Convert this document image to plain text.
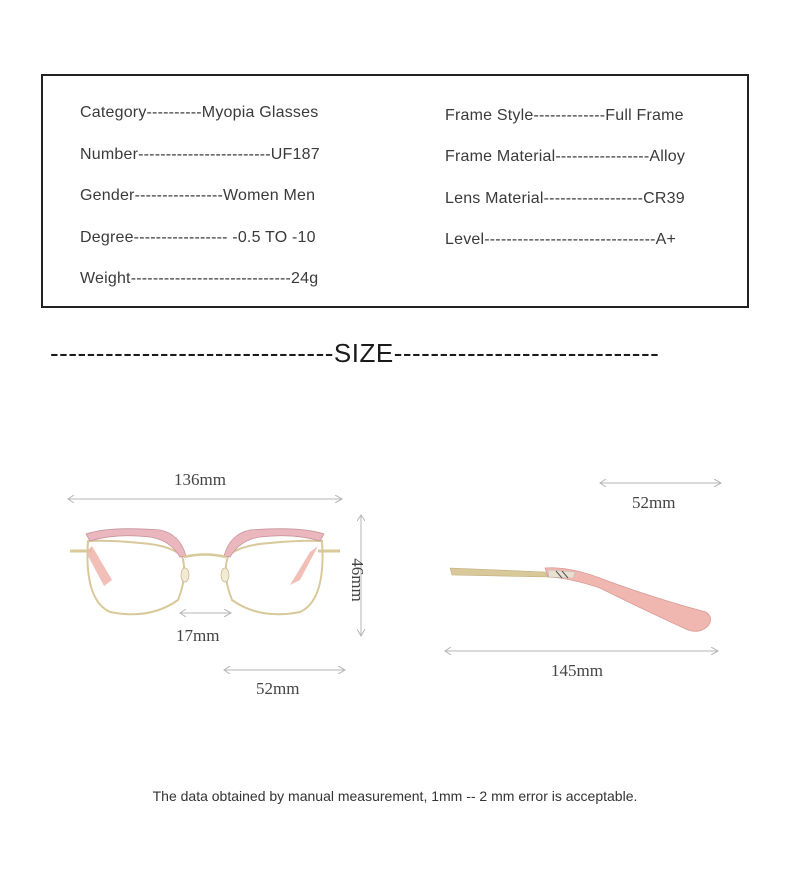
Category----------Myopia Glasses
Number------------------------UF187
Gender----------------Women Men
Degree----------------- -0.5 TO -10
Weight-----------------------------24g
Frame Style-------------Full Frame
Frame Material-----------------Alloy
Lens Material------------------CR39
Level-------------------------------A+
-------------------------------SIZE-----------------------------
136mm
46mm
17mm
52mm
52mm
145mm
The data obtained by manual measurement, 1mm -- 2 mm error is acceptable.
